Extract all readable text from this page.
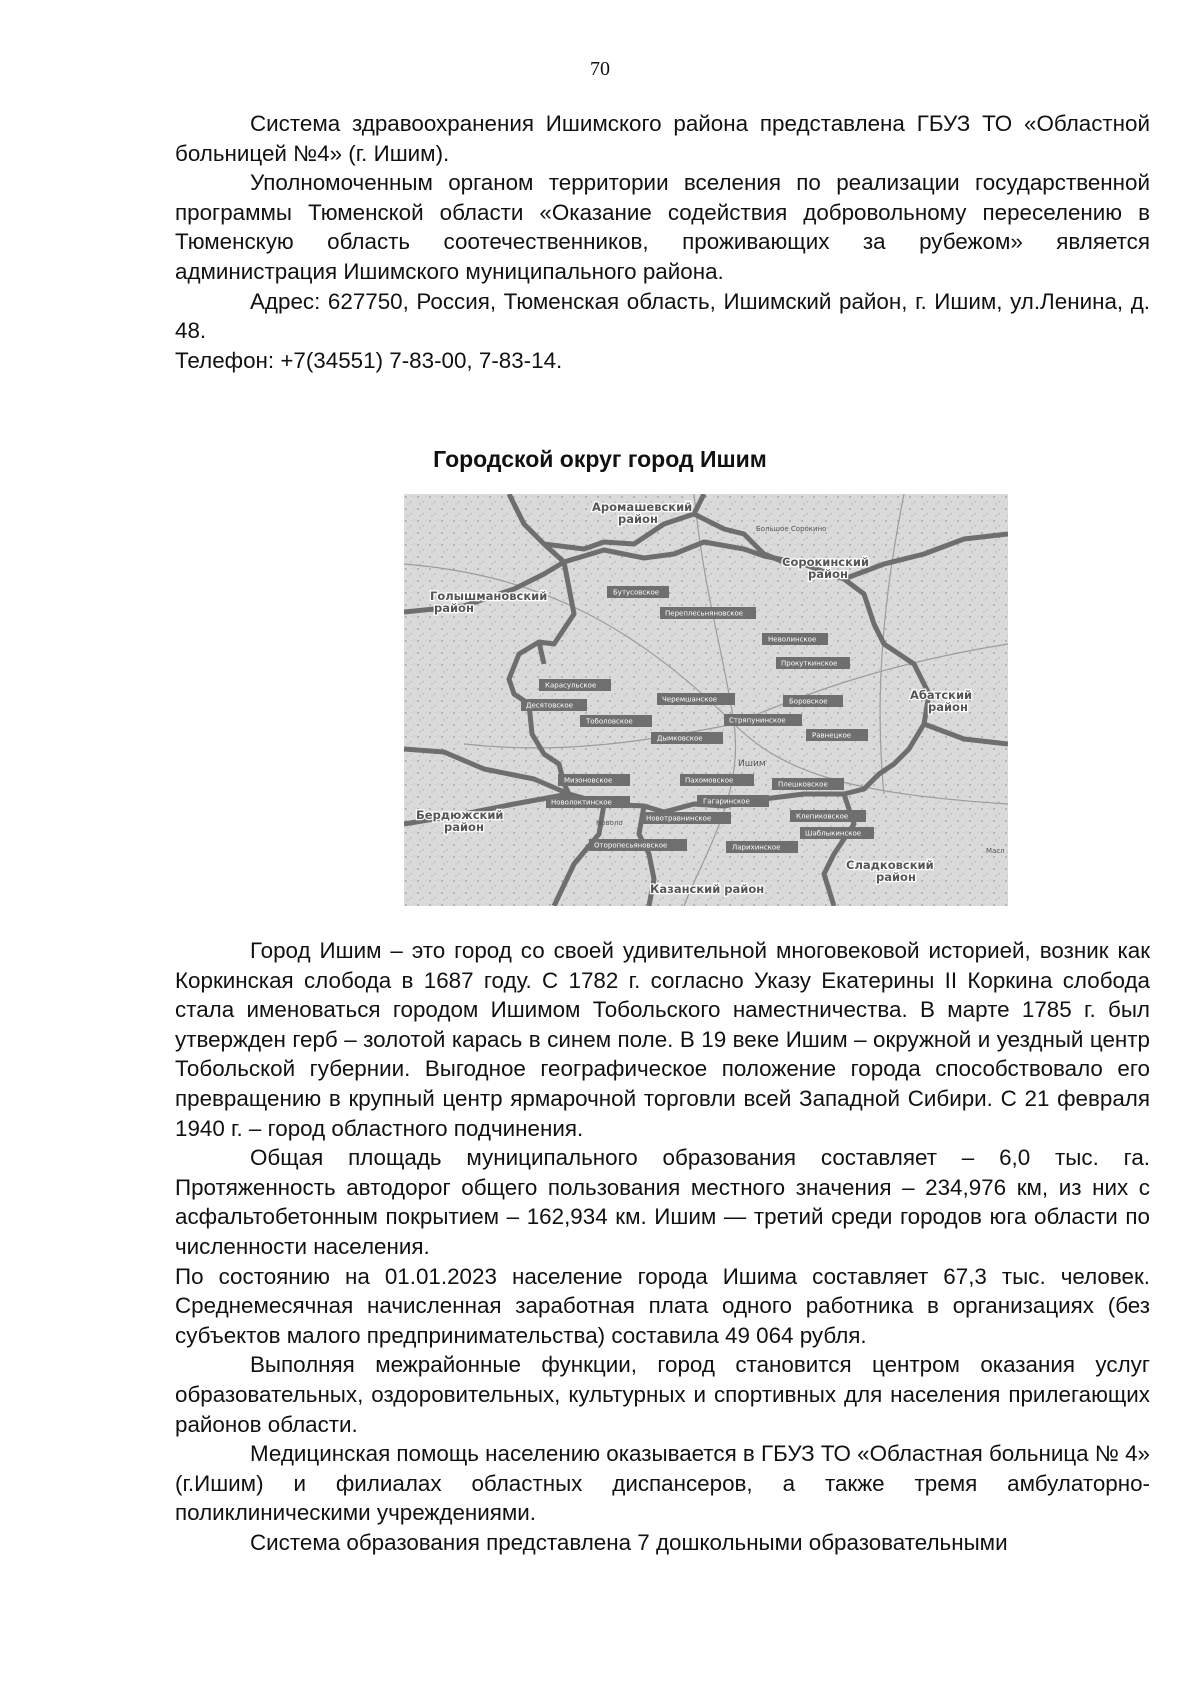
70

Система здравоохранения Ишимского района представлена ГБУЗ ТО «Областной больницей №4» (г. Ишим).

Уполномоченным органом территории вселения по реализации государственной программы Тюменской области «Оказание содействия добровольному переселению в Тюменскую область соотечественников, проживающих за рубежом» является администрация Ишимского муниципального района.

Адрес: 627750, Россия, Тюменская область, Ишимский район, г. Ишим, ул.Ленина, д. 48.

Телефон: +7(34551) 7-83-00, 7-83-14.

Городской округ город Ишим
Аромашевский
район
Сорокинский
район
Голышмановский
район
Абатский
район
Бердюжский
район
Сладковский
район
Казанский район
Большое Сорокино
Ишим
Новоло
Масл
Бутусовское
Переплесьняновское
Неволинское
Прокуткинское
Карасульское
Черемшанское	Боровское
Десятовское
Тоболовское	Стряпунинское
Равнецкое
Дымковское
Мизоновское	Пахомовское	Плешковское
Новолоктинское	Гагаринское
Новотравнинское	Клепиковское
Шаблыкинское
Отоpопесьяновское	Лариxинское

Город Ишим – это город со своей удивительной многовековой историей, возник как Коркинская слобода в 1687 году. С 1782 г. согласно Указу Екатерины II Коркина слобода стала именоваться городом Ишимом Тобольского наместничества. В марте 1785 г. был утвержден герб – золотой карась в синем поле. В 19 веке Ишим – окружной и уездный центр Тобольской губернии. Выгодное географическое положение города способствовало его превращению в крупный центр ярмарочной торговли всей Западной Сибири. С 21 февраля 1940 г. – город областного подчинения.

Общая площадь муниципального образования составляет – 6,0 тыс. га. Протяженность автодорог общего пользования местного значения – 234,976 км, из них с асфальтобетонным покрытием – 162,934 км. Ишим — третий среди городов юга области по численности населения.

По состоянию на 01.01.2023 население города Ишима составляет 67,3 тыс. человек. Среднемесячная начисленная заработная плата одного работника в организациях (без субъектов малого предпринимательства) составила 49 064 рубля.

Выполняя межрайонные функции, город становится центром оказания услуг образовательных, оздоровительных, культурных и спортивных для населения прилегающих районов области.

Медицинская помощь населению оказывается в ГБУЗ ТО «Областная больница № 4» (г.Ишим) и филиалах областных диспансеров, а также тремя амбулаторно-поликлиническими учреждениями.

Система образования представлена 7 дошкольными образовательными
